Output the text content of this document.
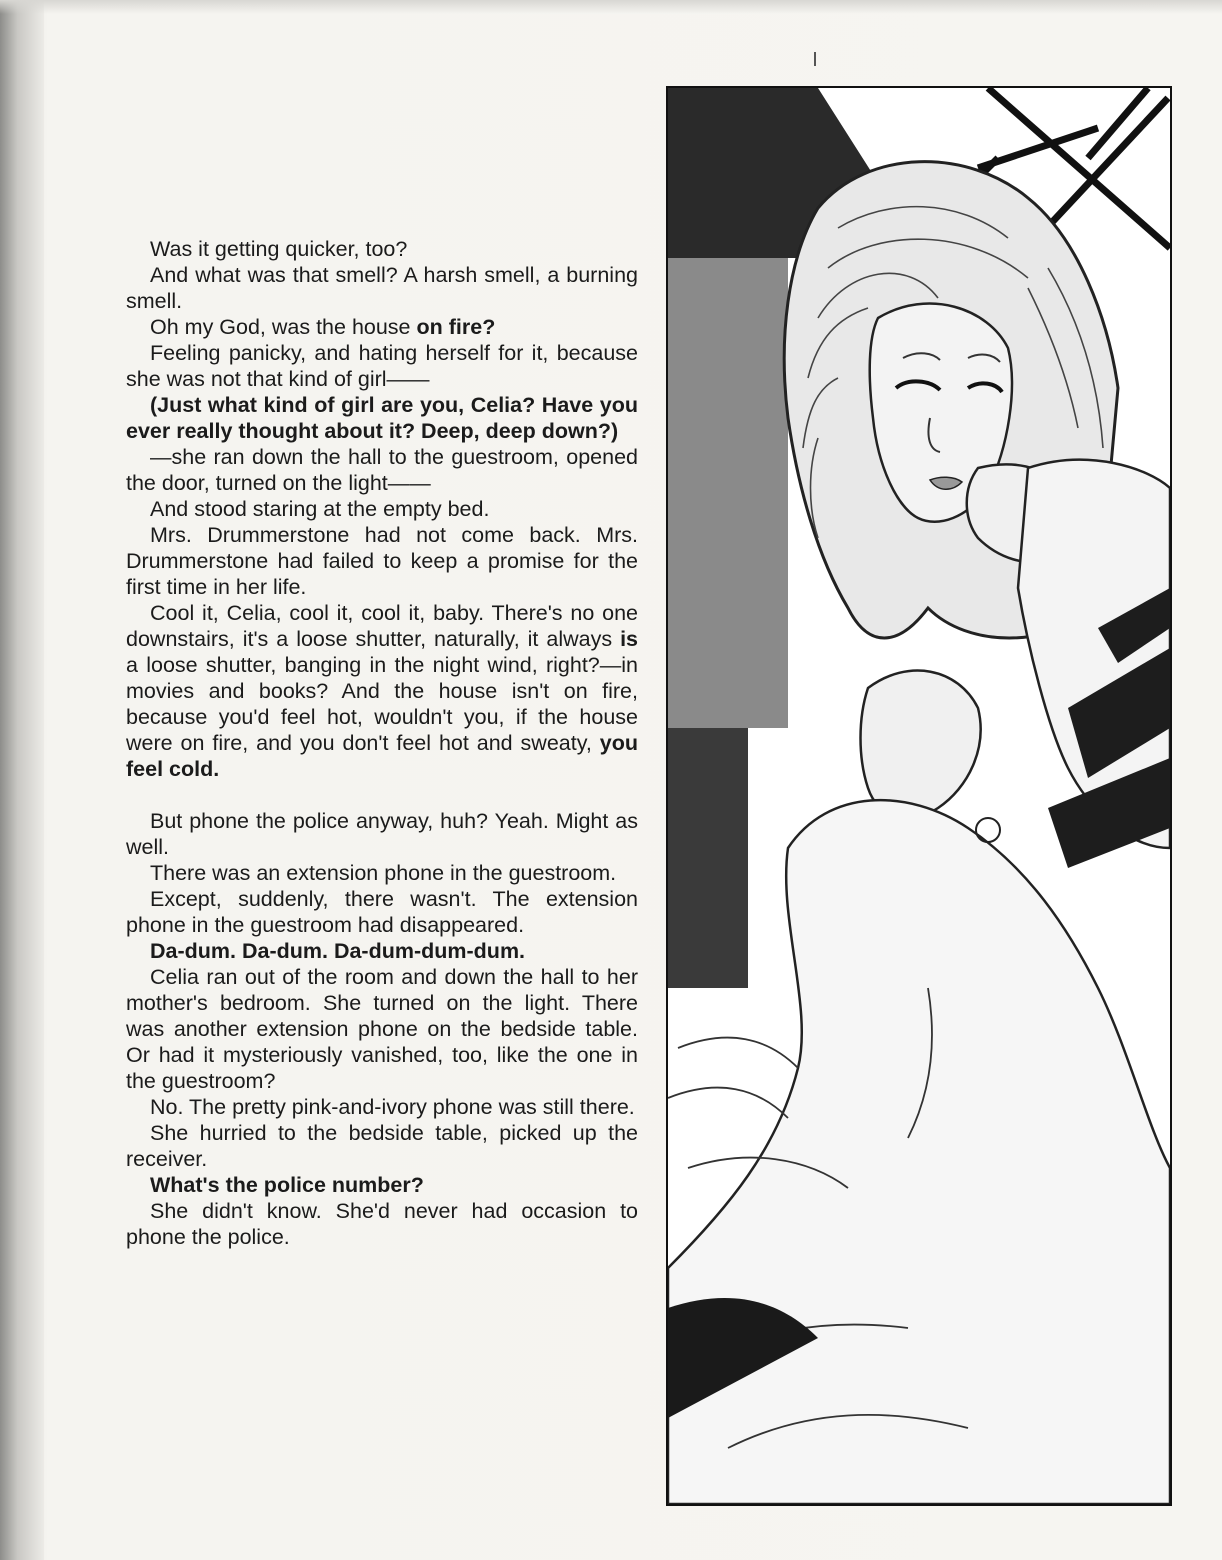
Was it getting quicker, too?

And what was that smell? A harsh smell, a burning smell.

Oh my God, was the house on fire?

Feeling panicky, and hating herself for it, because she was not that kind of girl——

(Just what kind of girl are you, Celia? Have you ever really thought about it? Deep, deep down?)

—she ran down the hall to the guestroom, opened the door, turned on the light——

And stood staring at the empty bed.

Mrs. Drummerstone had not come back. Mrs. Drummerstone had failed to keep a promise for the first time in her life.

Cool it, Celia, cool it, cool it, baby. There's no one downstairs, it's a loose shutter, naturally, it always is a loose shutter, banging in the night wind, right?—in movies and books? And the house isn't on fire, because you'd feel hot, wouldn't you, if the house were on fire, and you don't feel hot and sweaty, you feel cold.

But phone the police anyway, huh? Yeah. Might as well.

There was an extension phone in the guestroom.

Except, suddenly, there wasn't. The extension phone in the guestroom had disappeared.

Da-dum. Da-dum. Da-dum-dum-dum.

Celia ran out of the room and down the hall to her mother's bedroom. She turned on the light. There was another extension phone on the bedside table. Or had it mysteriously vanished, too, like the one in the guestroom?

No. The pretty pink-and-ivory phone was still there.

She hurried to the bedside table, picked up the receiver.

What's the police number?

She didn't know. She'd never had occasion to phone the police.
